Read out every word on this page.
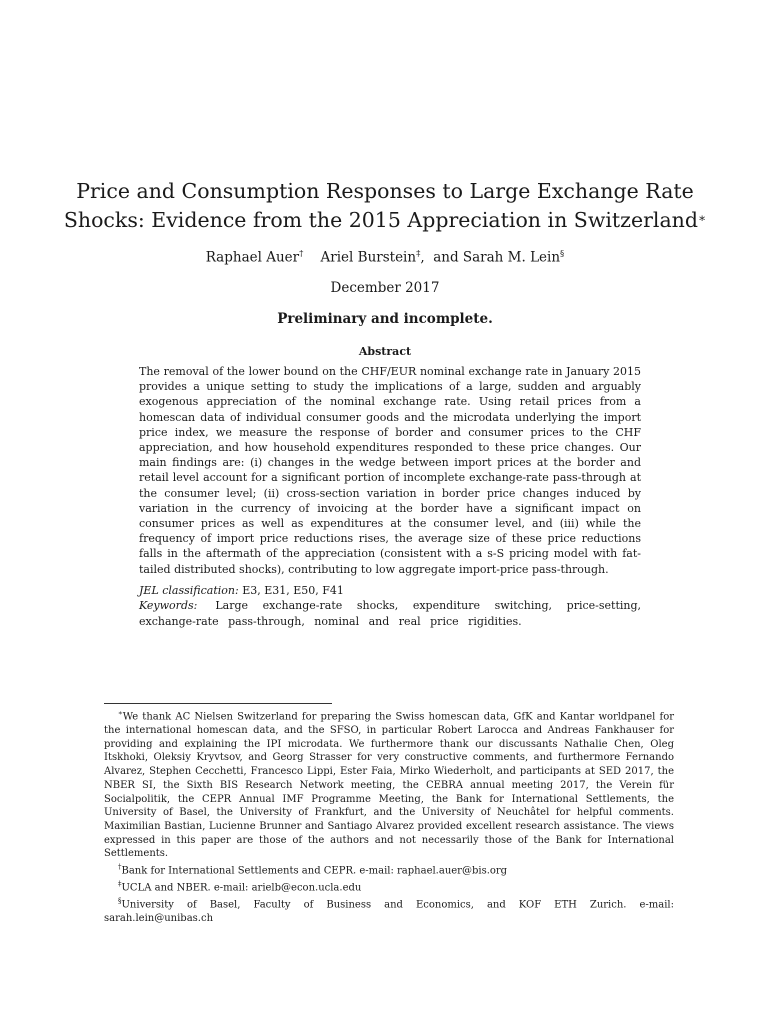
Price and Consumption Responses to Large Exchange Rate
Shocks: Evidence from the 2015 Appreciation in Switzerland∗
Raphael Auer† Ariel Burstein‡,  and Sarah M. Lein§
December 2017
Preliminary and incomplete.
Abstract
The removal of the lower bound on the CHF/EUR nominal exchange rate in January 2015 provides a unique setting to study the implications of a large, sudden and arguably exogenous appreciation of the nominal exchange rate. Using retail prices from a homescan data of individual consumer goods and the microdata underlying the import price index, we measure the response of border and consumer prices to the CHF appreciation, and how household expenditures responded to these price changes. Our main findings are: (i) changes in the wedge between import prices at the border and retail level account for a significant portion of incomplete exchange-rate pass-through at the consumer level; (ii) cross-section variation in border price changes induced by variation in the currency of invoicing at the border have a significant impact on consumer prices as well as expenditures at the consumer level, and (iii) while the frequency of import price reductions rises, the average size of these price reductions falls in the aftermath of the appreciation (consistent with a s-S pricing model with fat-tailed distributed shocks), contributing to low aggregate import-price pass-through.
JEL classification: E3, E31, E50, F41
Keywords: Large exchange-rate shocks, expenditure switching, price-setting, exchange-rate pass-through, nominal and real price rigidities.

∗We thank AC Nielsen Switzerland for preparing the Swiss homescan data, GfK and Kantar worldpanel for the international homescan data, and the SFSO, in particular Robert Larocca and Andreas Fankhauser for providing and explaining the IPI microdata. We furthermore thank our discussants Nathalie Chen, Oleg Itskhoki, Oleksiy Kryvtsov, and Georg Strasser for very constructive comments, and furthermore Fernando Alvarez, Stephen Cecchetti, Francesco Lippi, Ester Faia, Mirko Wiederholt, and participants at SED 2017, the NBER SI, the Sixth BIS Research Network meeting, the CEBRA annual meeting 2017, the Verein für Socialpolitik, the CEPR Annual IMF Programme Meeting, the Bank for International Settlements, the University of Basel, the University of Frankfurt, and the University of Neuchâtel for helpful comments. Maximilian Bastian, Lucienne Brunner and Santiago Alvarez provided excellent research assistance. The views expressed in this paper are those of the authors and not necessarily those of the Bank for International Settlements.

†Bank for International Settlements and CEPR. e-mail: raphael.auer@bis.org

‡UCLA and NBER. e-mail: arielb@econ.ucla.edu

§University of Basel, Faculty of Business and Economics, and KOF ETH Zurich. e-mail: sarah.lein@unibas.ch
